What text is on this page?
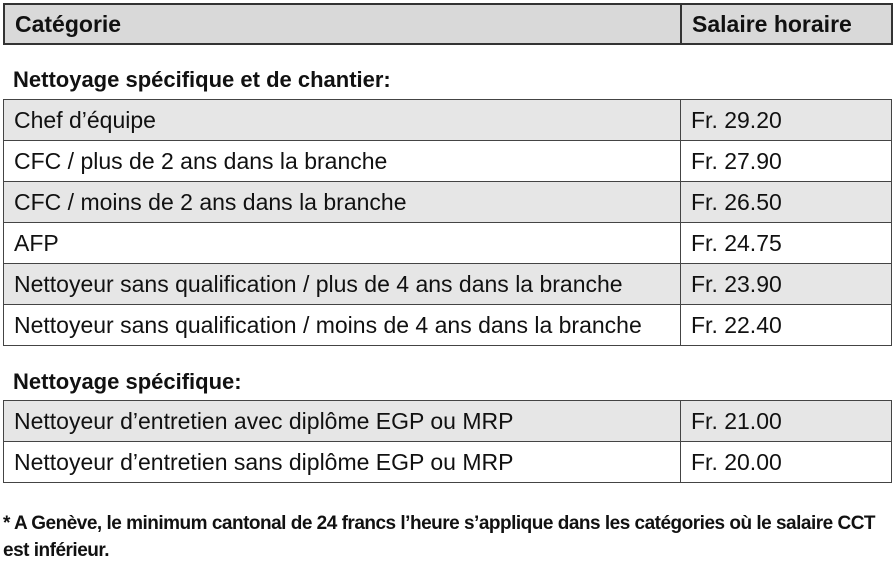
Catégorie	Salaire horaire
Nettoyage spécifique et de chantier:
Chef d’équipe	Fr. 29.20
CFC / plus de 2 ans dans la branche	Fr. 27.90
CFC / moins de 2 ans dans la branche	Fr. 26.50
AFP	Fr. 24.75
Nettoyeur sans qualification / plus de 4 ans dans la branche	Fr. 23.90
Nettoyeur sans qualification / moins de 4 ans dans la branche	Fr. 22.40
Nettoyage spécifique:
Nettoyeur d’entretien avec diplôme EGP ou MRP	Fr. 21.00
Nettoyeur d’entretien sans diplôme EGP ou MRP	Fr. 20.00

* A Genève, le minimum cantonal de 24 francs l’heure s’applique dans les catégories où le salaire CCT est inférieur.
